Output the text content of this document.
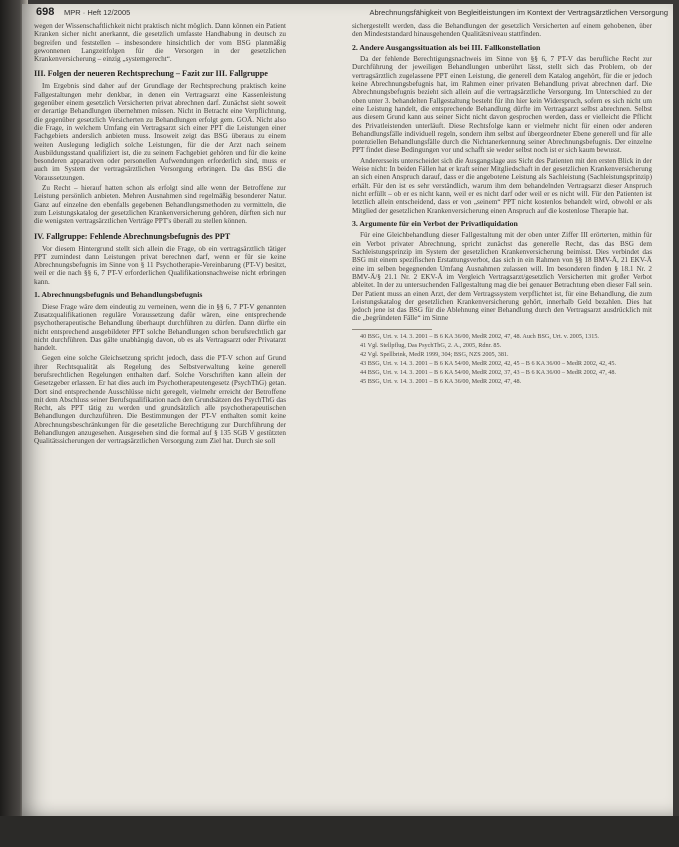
698 MPR · Heft 12/2005	Abrechnungsfähigkeit von Begleitleistungen im Kontext der Vertragsärztlichen Versorgung

wegen der Wissenschaftlichkeit nicht praktisch nicht möglich. Dann können ein Patient Kranken sicher nicht anerkannt, die gesetzlich umfasste Handhabung in deutsch zu begreifen und feststellen – insbesondere hinsichtlich der vom BSG planmäßig gewonnenen Langzeitfolgen für die Versorgen in der gesetzlichen Krankenversicherung – einzig „systemgerecht“.

III. Folgen der neueren Rechtsprechung – Fazit zur III. Fallgruppe

Im Ergebnis sind daher auf der Grundlage der Rechtsprechung praktisch keine Fallgestaltungen mehr denkbar, in denen ein Vertragsarzt eine Kassenleistung gegenüber einem gesetzlich Versicherten privat abrechnen darf. Zunächst sieht soweit er derartige Behandlungen übernehmen müssen. Nicht in Betracht eine Verpflichtung, die gegenüber gesetzlich Versicherten zu Behandlungen erfolgt gem. GOÄ. Nicht also die Frage, in welchem Umfang ein Vertragsarzt sich einer PPT die Leistungen einer Fachgebiets anderslich anbieten muss. Insoweit zeigt das BSG überaus zu einem weiten Auslegung lediglich solche Leistungen, für die der Arzt nach seinem Ausbildungsstand qualifiziert ist, die zu seinem Fachgebiet gehören und für die keine besonderen apparativen oder personellen Aufwendungen erforderlich sind, muss er auch im System der vertragsärztlichen Versorgung erbringen. Da das BSG die Voraussetzungen.

Zu Recht – hierauf hatten schon als erfolgt sind alle wenn der Betroffene zur Leistung persönlich anbieten. Mehren Ausnahmen sind regelmäßig besonderer Natur. Ganz auf einzelne den ebenfalls gegebenen Behandlungsmethoden zu vermitteln, die zum Leistungskatalog der gesetzlichen Krankenversicherung gehören, dürften sich nur die wenigsten vertragsärztlichen Verträge PPT's überall zu stellen können.

IV. Fallgruppe: Fehlende Abrechnungsbefugnis des PPT

Vor diesem Hintergrund stellt sich allein die Frage, ob ein vertragsärztlich tätiger PPT zumindest dann Leistungen privat berechnen darf, wenn er für sie keine Abrechnungsbefugnis im Sinne von § 11 Psychotherapie-Vereinbarung (PT-V) besitzt, weil er die nach §§ 6, 7 PT-V erforderlichen Qualifikationsnachweise nicht erbringen kann.

1. Abrechnungsbefugnis und Behandlungsbefugnis

Diese Frage wäre dem eindeutig zu verneinen, wenn die in §§ 6, 7 PT-V genannten Zusatzqualifikationen reguläre Voraussetzung dafür wären, eine entsprechende psychotherapeutische Behandlung überhaupt durchführen zu dürfen. Dann dürfte ein nicht entsprechend ausgebildeter PPT solche Behandlungen schon berufsrechtlich gar nicht durchführen. Das gälte unabhängig davon, ob es als Vertragsarzt oder Privatarzt handelt.

Gegen eine solche Gleichsetzung spricht jedoch, dass die PT-V schon auf Grund ihrer Rechtsqualität als Regelung des Selbstverwaltung keine generell berufsrechtlichen Regelungen enthalten darf. Solche Vorschriften kann allein der Gesetzgeber erlassen. Er hat dies auch im Psychotherapeutengesetz (PsychThG) getan. Dort sind entsprechende Ausschlüsse nicht geregelt, vielmehr erreicht der Betroffene mit dem Abschluss seiner Berufsqualifikation nach den Grundsätzen des PsychThG das Recht, als PPT tätig zu werden und grundsätzlich alle psychotherapeutischen Behandlungen durchzuführen. Die Bestimmungen der PT-V enthalten somit keine Abrechnungsbeschränkungen für die gesetzliche Berechtigung zur Durchführung der Behandlungen anzugesehen. Ausgesehen sind die formal auf § 135 SGB V gestützten Qualitätssicherungen der vertragsärztlichen Versorgung zum Ziel hat. Durch sie soll

sichergestellt werden, dass die Behandlungen der gesetzlich Versicherten auf einem gehobenen, über den Mindeststandard hinausgehenden Qualitätsniveau stattfinden.

2. Andere Ausgangssituation als bei III. Fallkonstellation

Da der fehlende Berechtigungsnachweis im Sinne von §§ 6, 7 PT-V das berufliche Recht zur Durchführung der jeweiligen Behandlungen unberührt lässt, stellt sich das Problem, ob der vertragsärztlich zugelassene PPT einen Leistung, die generell dem Katalog angehört, für die er jedoch keine Abrechnungsbefugnis hat, im Rahmen einer privaten Behandlung privat abrechnen darf. Die Abrechnungsbefugnis bezieht sich allein auf die vertragsärztliche Versorgung. Im Unterschied zu der oben unter 3. behandelten Fallgestaltung besteht für ihn hier kein Widerspruch, sofern es sich nicht um eine Leistung handelt, die entsprechende Behandlung dürfte im Vertragsarzt selbst abrechnen. Selbst aus diesem Grund kann aus seiner Sicht nicht davon gesprochen werden, dass er vielleicht die Pflicht des Privatleistenden unterläuft. Diese Rechtsfolge kann er vielmehr nicht für einen oder anderen Behandlungsfälle individuell regeln, sondern ihm selbst auf übergeordneter Ebene generell und für alle potenziellen Behandlungsfälle durch die Nichtanerkennung seiner Abrechnungsbefugnis. Der einzelne PPT findet diese Bedingungen vor und schafft sie weder selbst noch ist er sich kaum bewusst.

Anderersseits unterscheidet sich die Ausgangslage aus Sicht des Patienten mit den ersten Blick in der Weise nicht: In beiden Fällen hat er kraft seiner Mitgliedschaft in der gesetzlichen Krankenversicherung an sich einen Anspruch darauf, dass er die angebotene Leistung als Sachleistung (Sachleistungsprinzip) erhält. Für den ist es sehr verständlich, warum ihm dem behandelnden Vertragsarzt dieser Anspruch nicht erfüllt – ob er es nicht kann, weil er es nicht darf oder weil er es nicht will. Für den Patienten ist letztlich allein entscheidend, dass er von „seinem“ PPT nicht kostenlos behandelt wird, obwohl er als Mitglied der gesetzlichen Krankenversicherung einen Anspruch auf die kostenlose Therapie hat.

3. Argumente für ein Verbot der Privatliquidation

Für eine Gleichbehandlung dieser Fallgestaltung mit der oben unter Ziffer III erörterten, mithin für ein Verbot privater Abrechnung, spricht zunächst das generelle Recht, das das BSG dem Sachleistungsprinzip im System der gesetzlichen Krankenversicherung beimisst. Dies verbindet das BSG mit einem spezifischen Erstattungsverbot, das sich in ein Rahmen von §§ 18 BMV-Ä, 21 EKV-Ä eine im selben begegnenden Umfang Ausnahmen zulassen will. Im besonderen finden § 18.1 Nr. 2 BMV-Ä/§ 21.1 Nr. 2 EKV-Ä im Vergleich Vertragsarzt/gesetzlich Versicherten mit großer Verbot ableitet. In der zu untersuchenden Fallgestaltung mag die bei genauer Betrachtung eben dieser Fall sein. Der Patient muss an einen Arzt, der dem Vertragssystem verpflichtet ist, für eine Behandlung, die zum Leistungskatalog der gesetzlichen Krankenversicherung gehört, innerhalb Geld bezahlen. Dies hat jedoch jene ist das BSG für die Ablehnung einer Behandlung durch den Vertragsarzt ausdrücklich mit die „begründeten Fälle“ im Sinne

40 BSG, Urt. v. 14. 3. 2001 – B 6 KA 36/00, MedR 2002, 47, 48. Auch BSG, Urt. v. 2005, 1315.

41 Vgl. Stellpflug, Das PsychThG, 2. A., 2005, Rdnr. 85.

42 Vgl. Spellbrink, MedR 1999, 304; BSG, NZS 2005, 381.

43 BSG, Urt. v. 14. 3. 2001 – B 6 KA 54/00, MedR 2002, 42, 45 – B 6 KA 36/00 – MedR 2002, 42, 45.

44 BSG, Urt. v. 14. 3. 2001 – B 6 KA 54/00, MedR 2002, 37, 43 – B 6 KA 36/00 – MedR 2002, 47, 48.

45 BSG, Urt. v. 14. 3. 2001 – B 6 KA 36/00, MedR 2002, 47, 48.
